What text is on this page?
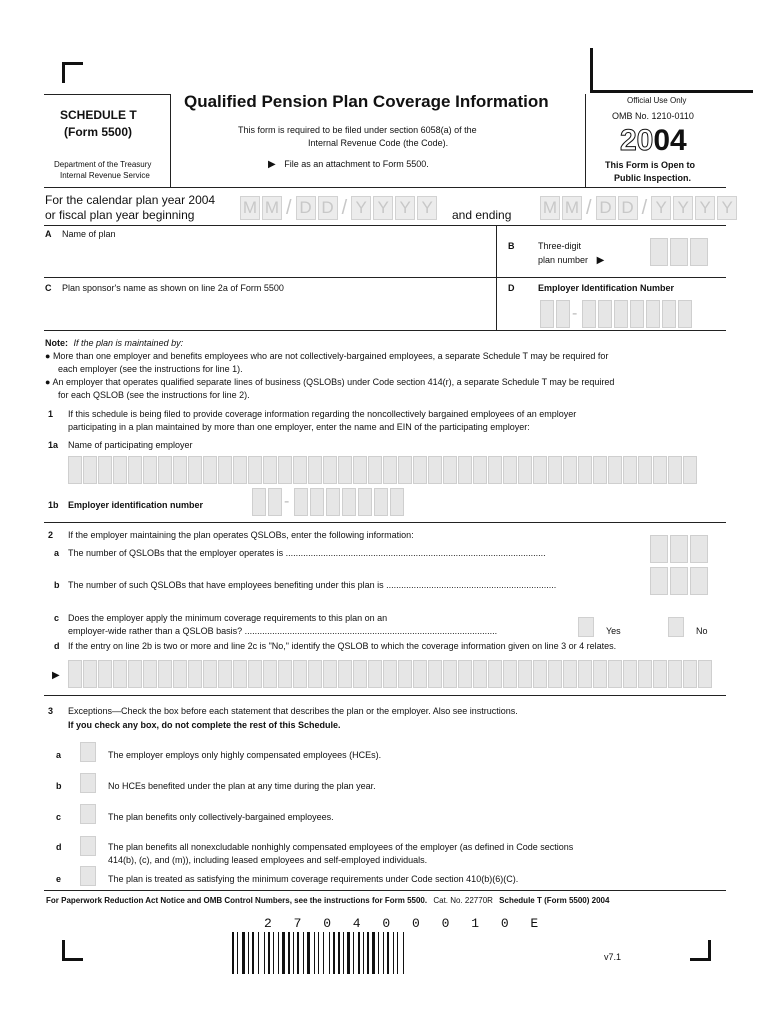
SCHEDULE T
(Form 5500)
Department of the Treasury
Internal Revenue Service
Qualified Pension Plan Coverage Information
This form is required to be filed under section 6058(a) of the
Internal Revenue Code (the Code).
▶ File as an attachment to Form 5500.
Official Use Only
OMB No. 1210-0110
2004
This Form is Open to
Public Inspection.
For the calendar plan year 2004
or fiscal plan year beginning	M M / D D / Y Y Y Y	and ending M M / D D / Y Y Y Y
A Name of plan
B	Three-digit
plan number ▶
C Plan sponsor's name as shown on line 2a of Form 5500	D	Employer Identification Number
-
Note: If the plan is maintained by:
● More than one employer and benefits employees who are not collectively-bargained employees, a separate Schedule T may be required for
each employer (see the instructions for line 1).
● An employer that operates qualified separate lines of business (QSLOBs) under Code section 414(r), a separate Schedule T may be required
for each QSLOB (see the instructions for line 2).
1 If this schedule is being filed to provide coverage information regarding the noncollectively bargained employees of an employer
participating in a plan maintained by more than one employer, enter the name and EIN of the participating employer:
1a Name of participating employer
1b Employer identification number	-
2 If the employer maintaining the plan operates QSLOBs, enter the following information:
a The number of QSLOBs that the employer operates is ........................................................................................................
b The number of such QSLOBs that have employees benefiting under this plan is ....................................................................
c Does the employer apply the minimum coverage requirements to this plan on an
employer-wide rather than a QSLOB basis? .....................................................................................................	Yes	No
d If the entry on line 2b is two or more and line 2c is "No," identify the QSLOB to which the coverage information given on line 3 or 4 relates.
▶
3 Exceptions—Check the box before each statement that describes the plan or the employer. Also see instructions.
If you check any box, do not complete the rest of this Schedule.
a	The employer employs only highly compensated employees (HCEs).
b	No HCEs benefited under the plan at any time during the plan year.
c	The plan benefits only collectively-bargained employees.
d	The plan benefits all nonexcludable nonhighly compensated employees of the employer (as defined in Code sections
414(b), (c), and (m)), including leased employees and self-employed individuals.
e	The plan is treated as satisfying the minimum coverage requirements under Code section 410(b)(6)(C).
For Paperwork Reduction Act Notice and OMB Control Numbers, see the instructions for Form 5500. Cat. No. 22770R Schedule T (Form 5500) 2004
2 7 0 4 0 0 0 1 0 E
v7.1
